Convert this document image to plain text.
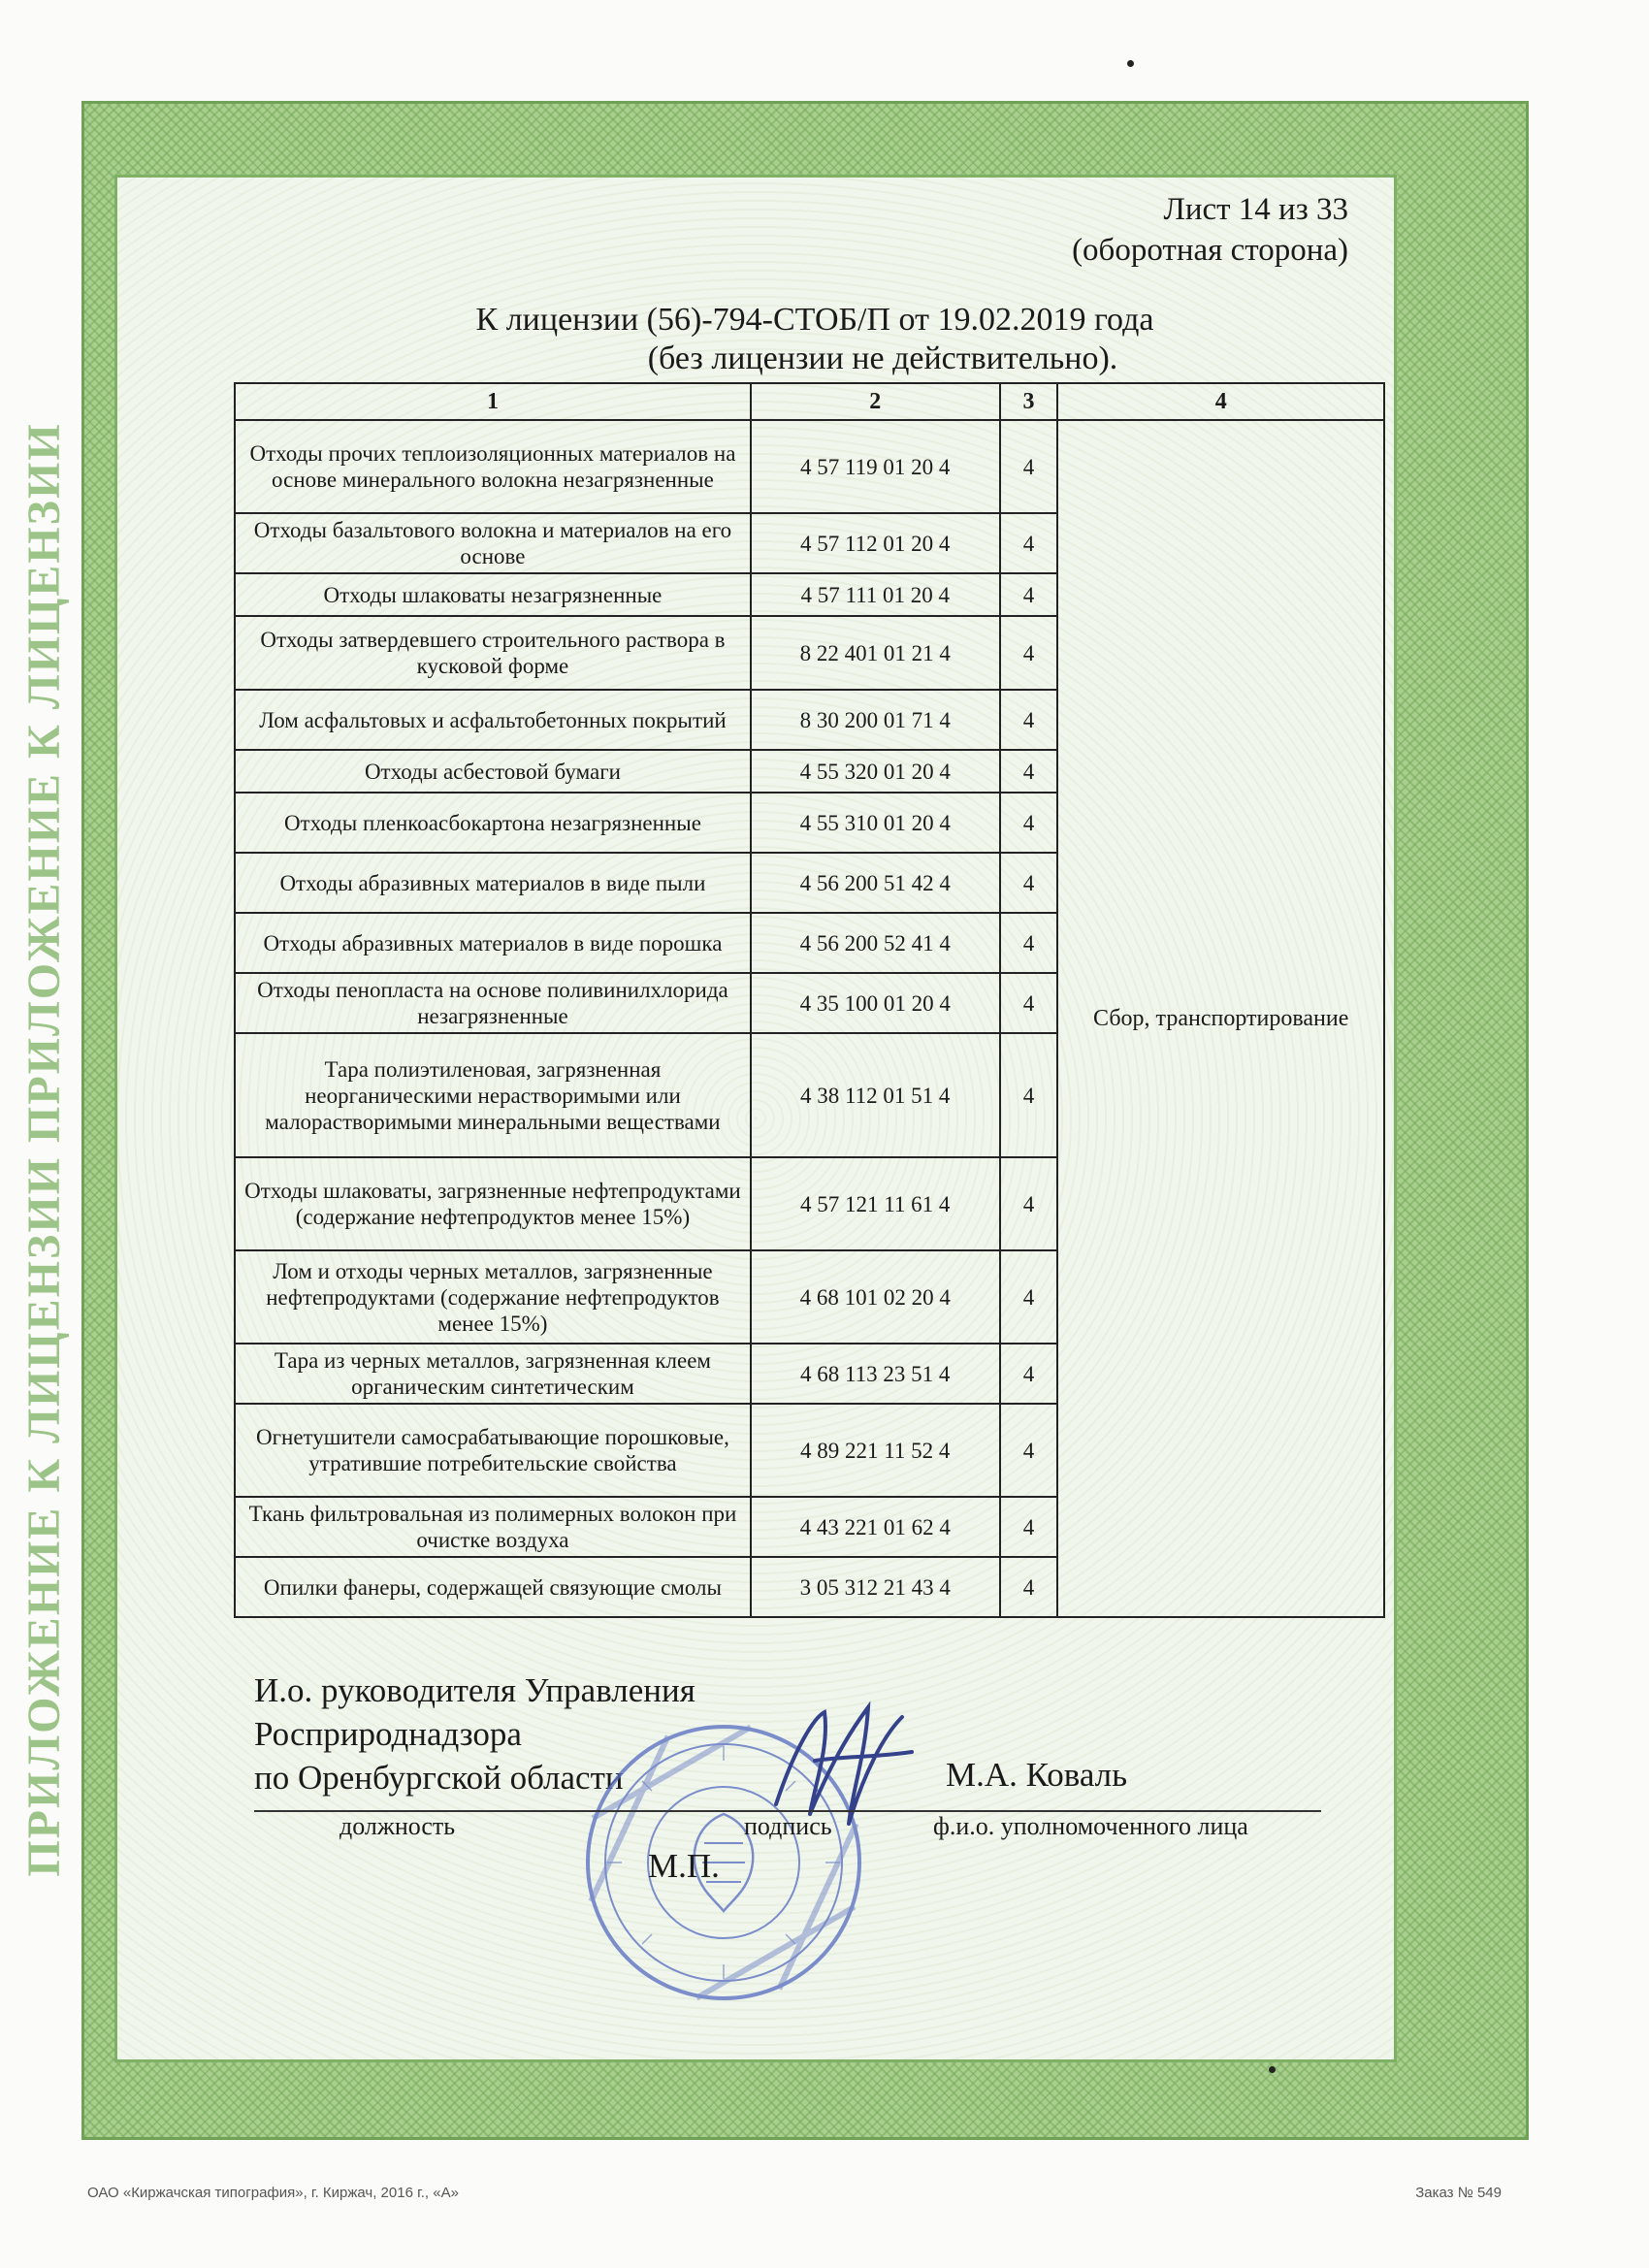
ПРИЛОЖЕНИЕ К ЛИЦЕНЗИИ ПРИЛОЖЕНИЕ К ЛИЦЕНЗИИ
Лист 14 из 33
(оборотная сторона)
К лицензии (56)-794-СТОБ/П от 19.02.2019 года
(без лицензии не действительно).
1	2	3	4
Отходы прочих теплоизоляционных материалов на основе минерального волокна незагрязненные	4 57 119 01 20 4	4	Сбор, транспортирование
Отходы базальтового волокна и материалов на его основе	4 57 112 01 20 4	4	
Отходы шлаковаты незагрязненные	4 57 111 01 20 4	4	
Отходы затвердевшего строительного раствора в кусковой форме	8 22 401 01 21 4	4	
Лом асфальтовых и асфальтобетонных покрытий	8 30 200 01 71 4	4	
Отходы асбестовой бумаги	4 55 320 01 20 4	4	
Отходы пленкоасбокартона незагрязненные	4 55 310 01 20 4	4	
Отходы абразивных материалов в виде пыли	4 56 200 51 42 4	4	
Отходы абразивных материалов в виде порошка	4 56 200 52 41 4	4	
Отходы пенопласта на основе поливинилхлорида незагрязненные	4 35 100 01 20 4	4	
Тара полиэтиленовая, загрязненная неорганическими нерастворимыми или малорастворимыми минеральными веществами	4 38 112 01 51 4	4	
Отходы шлаковаты, загрязненные нефтепродуктами (содержание нефтепродуктов менее 15%)	4 57 121 11 61 4	4	
Лом и отходы черных металлов, загрязненные нефтепродуктами (содержание нефтепродуктов менее 15%)	4 68 101 02 20 4	4	
Тара из черных металлов, загрязненная клеем органическим синтетическим	4 68 113 23 51 4	4	
Огнетушители самосрабатывающие порошковые, утратившие потребительские свойства	4 89 221 11 52 4	4	
Ткань фильтровальная из полимерных волокон при очистке воздуха	4 43 221 01 62 4	4	
Опилки фанеры, содержащей связующие смолы	3 05 312 21 43 4	4	
И.о. руководителя Управления
Росприроднадзора
по Оренбургской области	М.А. Коваль
должность	подпись	ф.и.о. уполномоченного лица
М.П.
ОАО «Киржачская типография», г. Киржач, 2016 г., «А»	Заказ № 549
